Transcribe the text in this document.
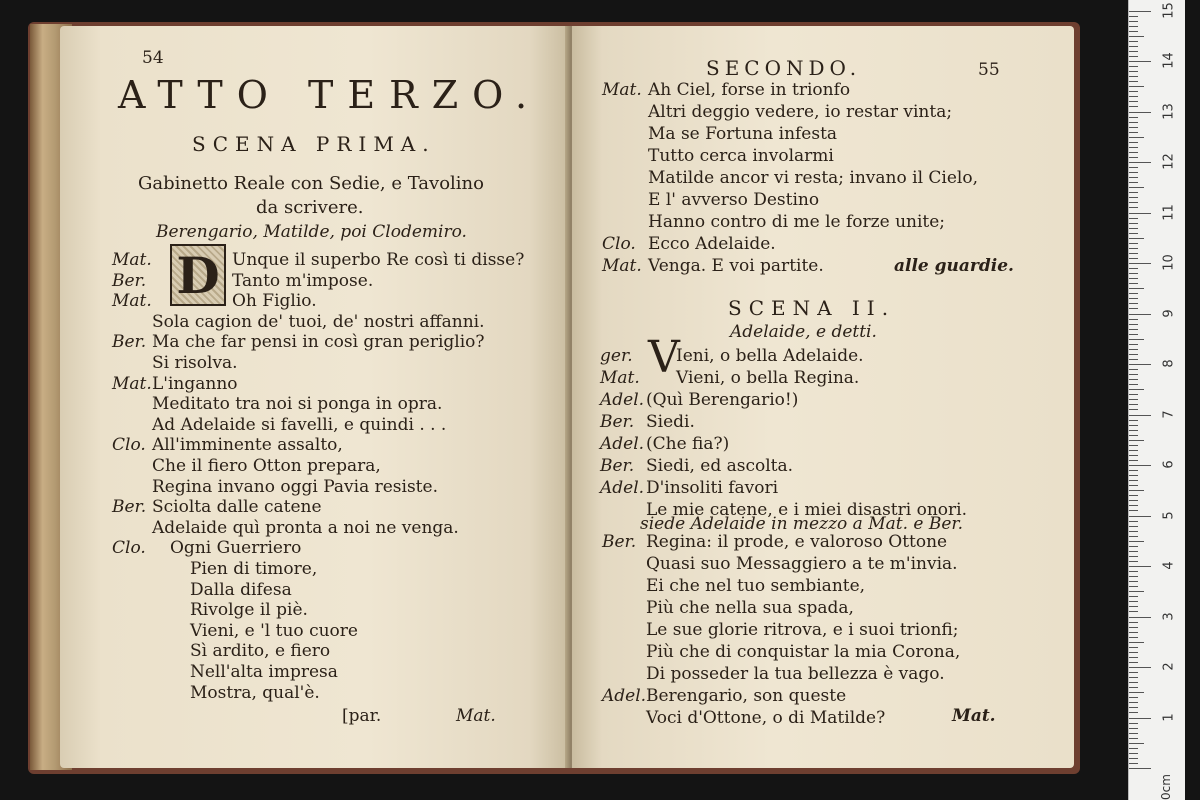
54
ATTO TERZO.
SCENA PRIMA.
Gabinetto Reale con Sedie, e Tavolino
da scrivere.
Berengario, Matilde, poi Clodemiro.
Mat.	Unque il superbo Re così ti disse?
Ber.	Tanto m'impose.
Mat.	Oh Figlio.
Sola cagion de' tuoi, de' nostri affanni.
Ber. Ma che far pensi in così gran periglio?
Si risolva.
Mat. L'inganno
Meditato tra noi si ponga in opra.
Ad Adelaide si favelli, e quindi . . .
Clo. All'imminente assalto,
Che il fiero Otton prepara,
Regina invano oggi Pavia resiste.
Ber. Sciolta dalle catene
Adelaide quì pronta a noi ne venga.
Clo. Ogni Guerriero
Pien di timore,
Dalla difesa
Rivolge il piè.
Vieni, e 'l tuo cuore
Sì ardito, e fiero
Nell'alta impresa
Mostra, qual'è.
[par.	Mat.
D
SECONDO.	55
Mat. Ah Ciel, forse in trionfo
Altri deggio vedere, io restar vinta;
Ma se Fortuna infesta
Tutto cerca involarmi
Matilde ancor vi resta; invano il Cielo,
E l' avverso Destino
Hanno contro di me le forze unite;
Clo. Ecco Adelaide.
Mat. Venga. E voi partite.	alle guardie.
SCENA II.
Adelaide, e detti.
ger.	Ieni, o bella Adelaide.
Mat. Vieni, o bella Regina.
Adel. (Quì Berengario!)
Ber. Siedi.
Adel. (Che fia?)
Ber. Siedi, ed ascolta.
Adel. D'insoliti favori
Le mie catene, e i miei disastri onori.
siede Adelaide in mezzo a Mat. e Ber.
Ber. Regina: il prode, e valoroso Ottone
Quasi suo Messaggiero a te m'invia.
Ei che nel tuo sembiante,
Più che nella sua spada,
Le sue glorie ritrova, e i suoi trionfi;
Più che di conquistar la mia Corona,
Di posseder la tua bellezza è vago.
Adel. Berengario, son queste
Voci d'Ottone, o di Matilde?	Mat.
V
0cm
1
2
3
4
5
6
7
8
9
10
11
12
13
14
15
